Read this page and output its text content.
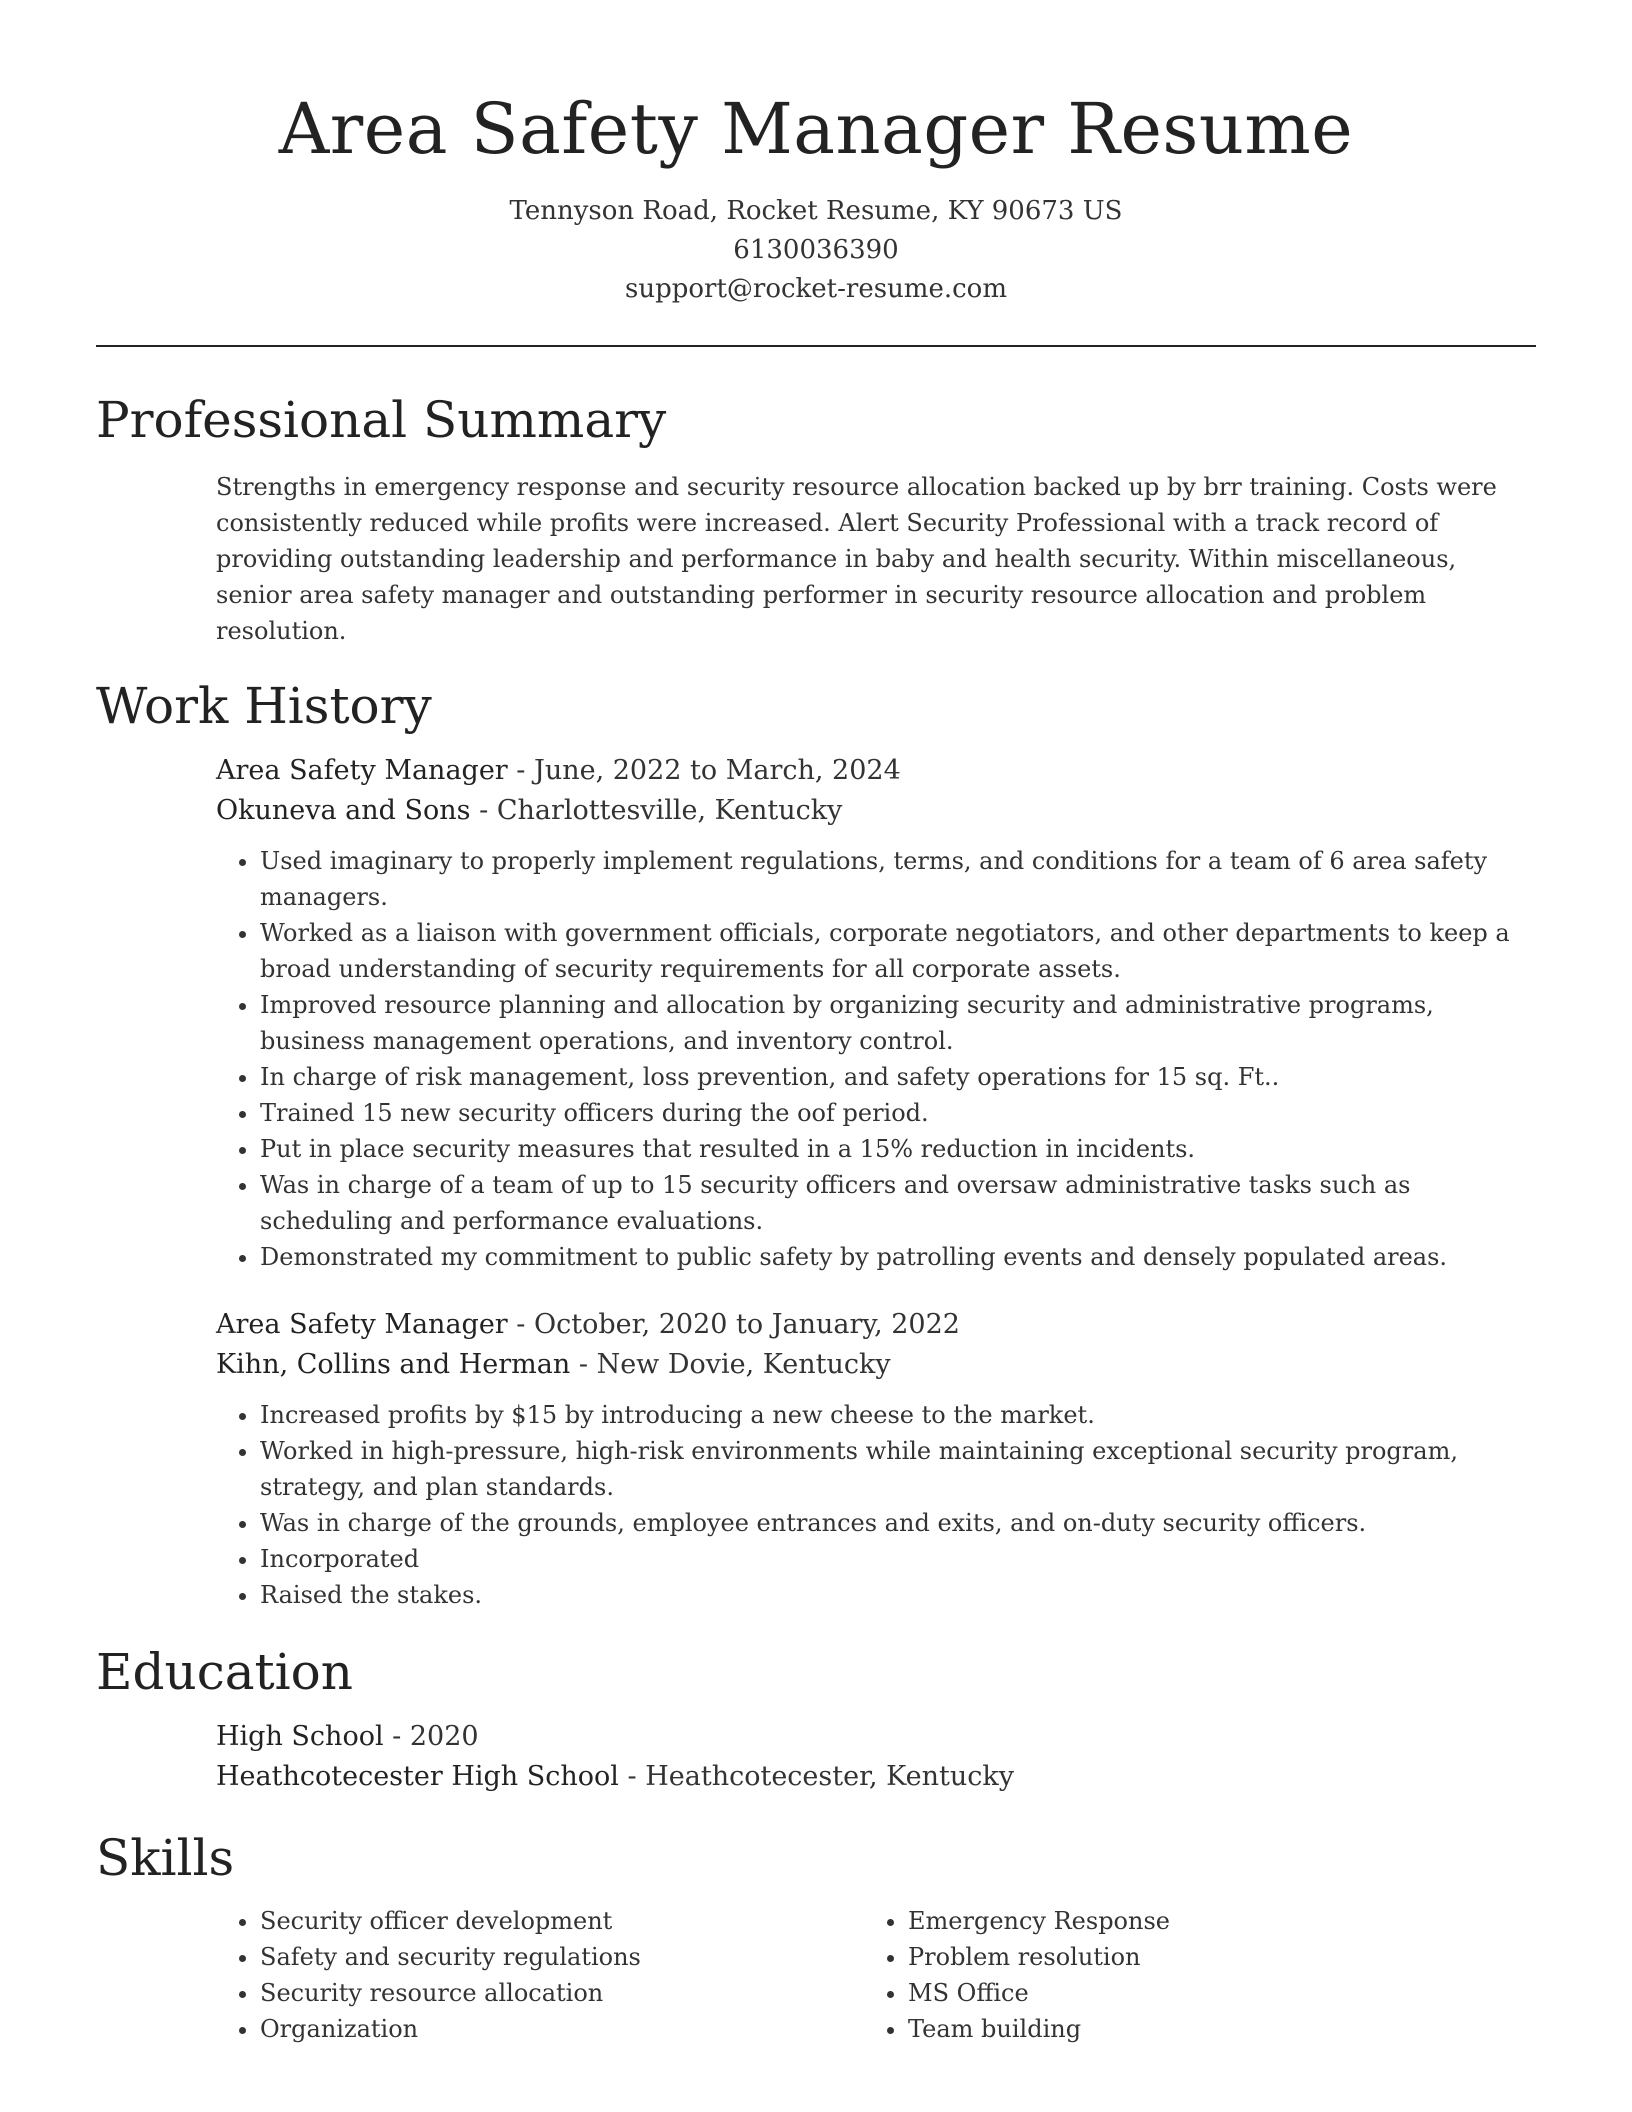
Area Safety Manager Resume
Tennyson Road, Rocket Resume, KY 90673 US
6130036390
support@rocket-resume.com
Professional Summary
Strengths in emergency response and security resource allocation backed up by brr training. Costs were consistently reduced while profits were increased. Alert Security Professional with a track record of providing outstanding leadership and performance in baby and health security. Within miscellaneous, senior area safety manager and outstanding performer in security resource allocation and problem resolution.
Work History
Area Safety Manager - June, 2022 to March, 2024
Okuneva and Sons - Charlottesville, Kentucky
• Used imaginary to properly implement regulations, terms, and conditions for a team of 6 area safety managers.
• Worked as a liaison with government officials, corporate negotiators, and other departments to keep a broad understanding of security requirements for all corporate assets.
• Improved resource planning and allocation by organizing security and administrative programs, business management operations, and inventory control.
• In charge of risk management, loss prevention, and safety operations for 15 sq. Ft..
• Trained 15 new security officers during the oof period.
• Put in place security measures that resulted in a 15% reduction in incidents.
• Was in charge of a team of up to 15 security officers and oversaw administrative tasks such as scheduling and performance evaluations.
• Demonstrated my commitment to public safety by patrolling events and densely populated areas.
Area Safety Manager - October, 2020 to January, 2022
Kihn, Collins and Herman - New Dovie, Kentucky
• Increased profits by $15 by introducing a new cheese to the market.
• Worked in high-pressure, high-risk environments while maintaining exceptional security program, strategy, and plan standards.
• Was in charge of the grounds, employee entrances and exits, and on-duty security officers.
• Incorporated
• Raised the stakes.
Education
High School - 2020
Heathcotecester High School - Heathcotecester, Kentucky
Skills
• Security officer development
• Safety and security regulations
• Security resource allocation
• Organization
• Emergency Response
• Problem resolution
• MS Office
• Team building
